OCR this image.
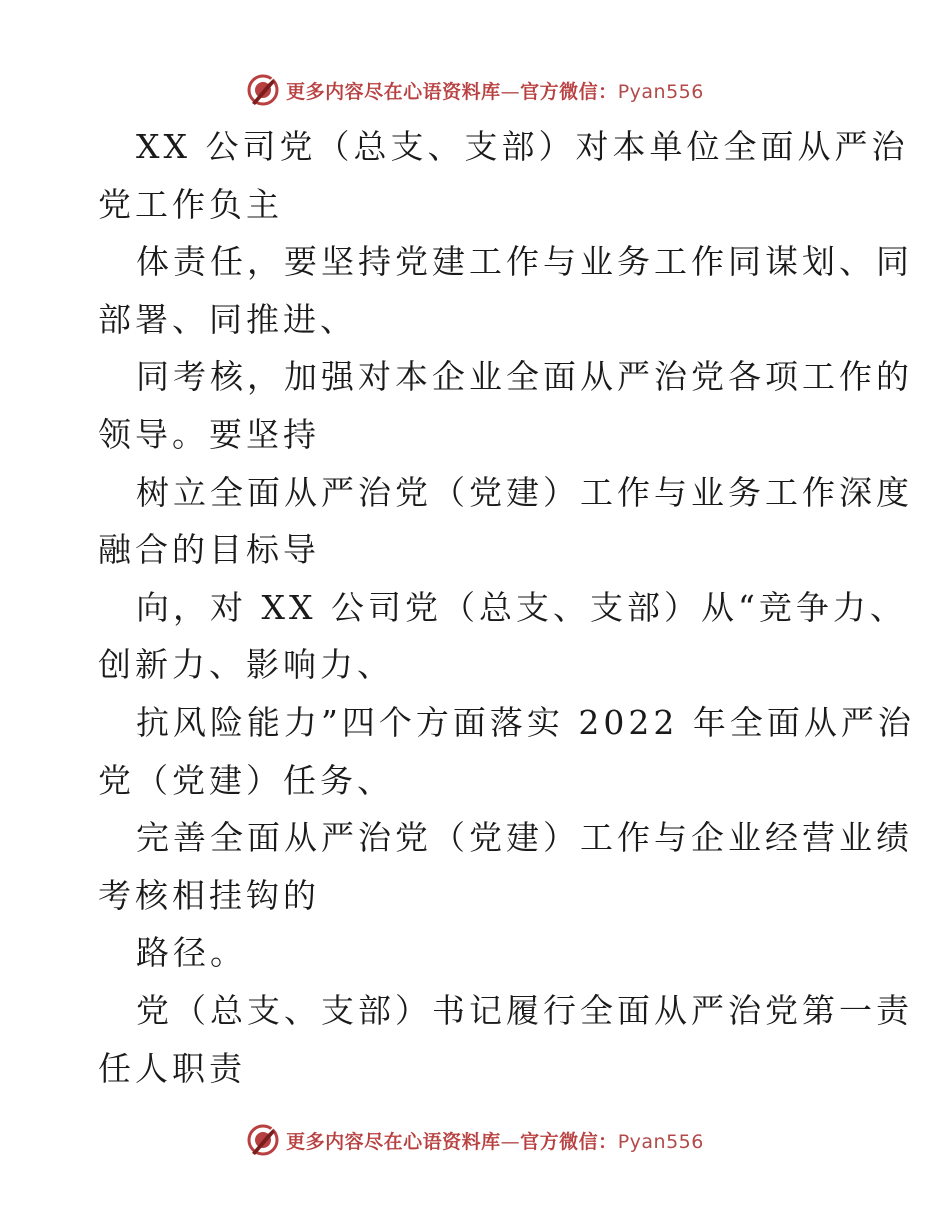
更多内容尽在心语资料库—官方微信：Pyan556
XX 公司党（总支、支部）对本单位全面从严治
党工作负主
体责任，要坚持党建工作与业务工作同谋划、同
部署、同推进、
同考核，加强对本企业全面从严治党各项工作的
领导。要坚持
树立全面从严治党（党建）工作与业务工作深度
融合的目标导
向，对 XX 公司党（总支、支部）从“竞争力、
创新力、影响力、
抗风险能力”四个方面落实 2022 年全面从严治
党（党建）任务、
完善全面从严治党（党建）工作与企业经营业绩
考核相挂钩的
路径。
党（总支、支部）书记履行全面从严治党第一责
任人职责
更多内容尽在心语资料库—官方微信：Pyan556
